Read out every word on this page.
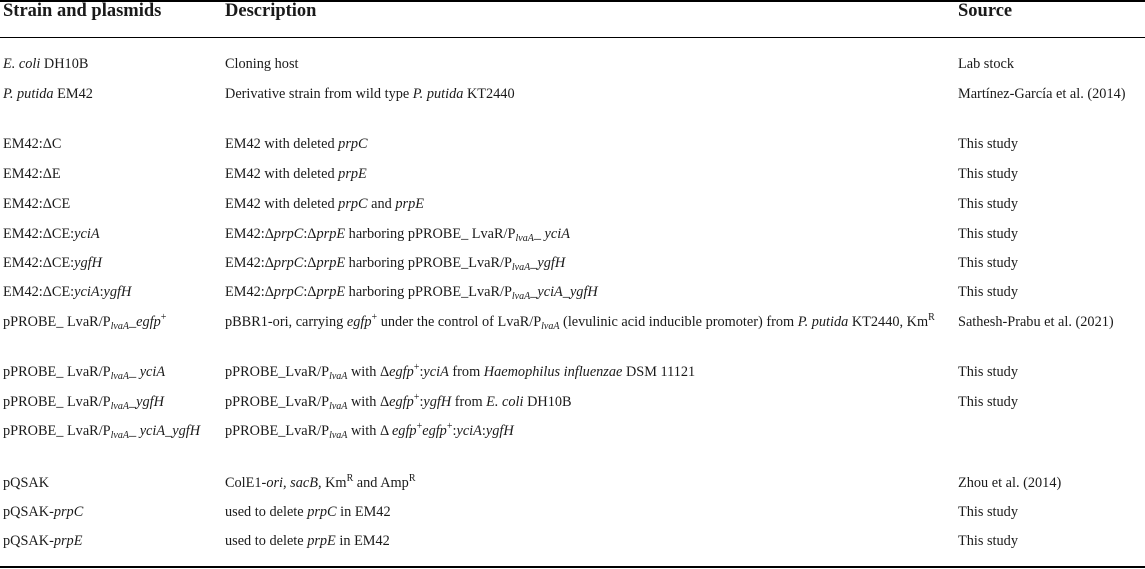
Strain and plasmids	Description	Source
E. coli DH10B	Cloning host	Lab stock
P. putida EM42	Derivative strain from wild type P. putida KT2440	Martínez-García et al. (2014)
EM42:ΔC	EM42 with deleted prpC	This study
EM42:ΔE	EM42 with deleted prpE	This study
EM42:ΔCE	EM42 with deleted prpC and prpE	This study
EM42:ΔCE:yciA	EM42:ΔprpC:ΔprpE harboring pPROBE_ LvaR/$P_{lvaA}\_$ yciA	This study
EM42:ΔCE:ygfH	EM42:ΔprpC:ΔprpE harboring $pPROBE\_LvaR/P_{lvaA}\_ygfH$	This study
EM42:ΔCE:yciA:ygfH	EM42:ΔprpC:ΔprpE harboring $pPROBE\_LvaR/P_{lvaA}\_yciA\_ygfH$	This study
pPROBE_ LvaR/$P_{lvaA}\_egfp^+$	pBBR1-ori, carrying egfp+ under the control of LvaR/$P_{lvaA}$ (levulinic acid inducible promoter) from P. putida KT2440, $Km^R$	Sathesh-Prabu et al. (2021)
pPROBE_ LvaR/$P_{lvaA}\_$ yciA	$pPROBE\_LvaR/P_{lvaA}$ with Δegfp+:yciA from Haemophilus influenzae DSM 11121	This study
pPROBE_ LvaR/$P_{lvaA}\_ygfH$	$pPROBE\_LvaR/P_{lvaA}$ with Δegfp+:ygfH from E. coli DH10B	This study
pPROBE_ LvaR/$P_{lvaA}\_$ yciA_ygfH	$pPROBE\_LvaR/P_{lvaA}$ with Δ egfp+egfp+:yciA:ygfH
pQSAK	ColE1-ori, sacB, $Km^R$ and Amp$^R$	Zhou et al. (2014)
pQSAK-prpC	used to delete prpC in EM42	This study
pQSAK-prpE	used to delete prpE in EM42	This study
